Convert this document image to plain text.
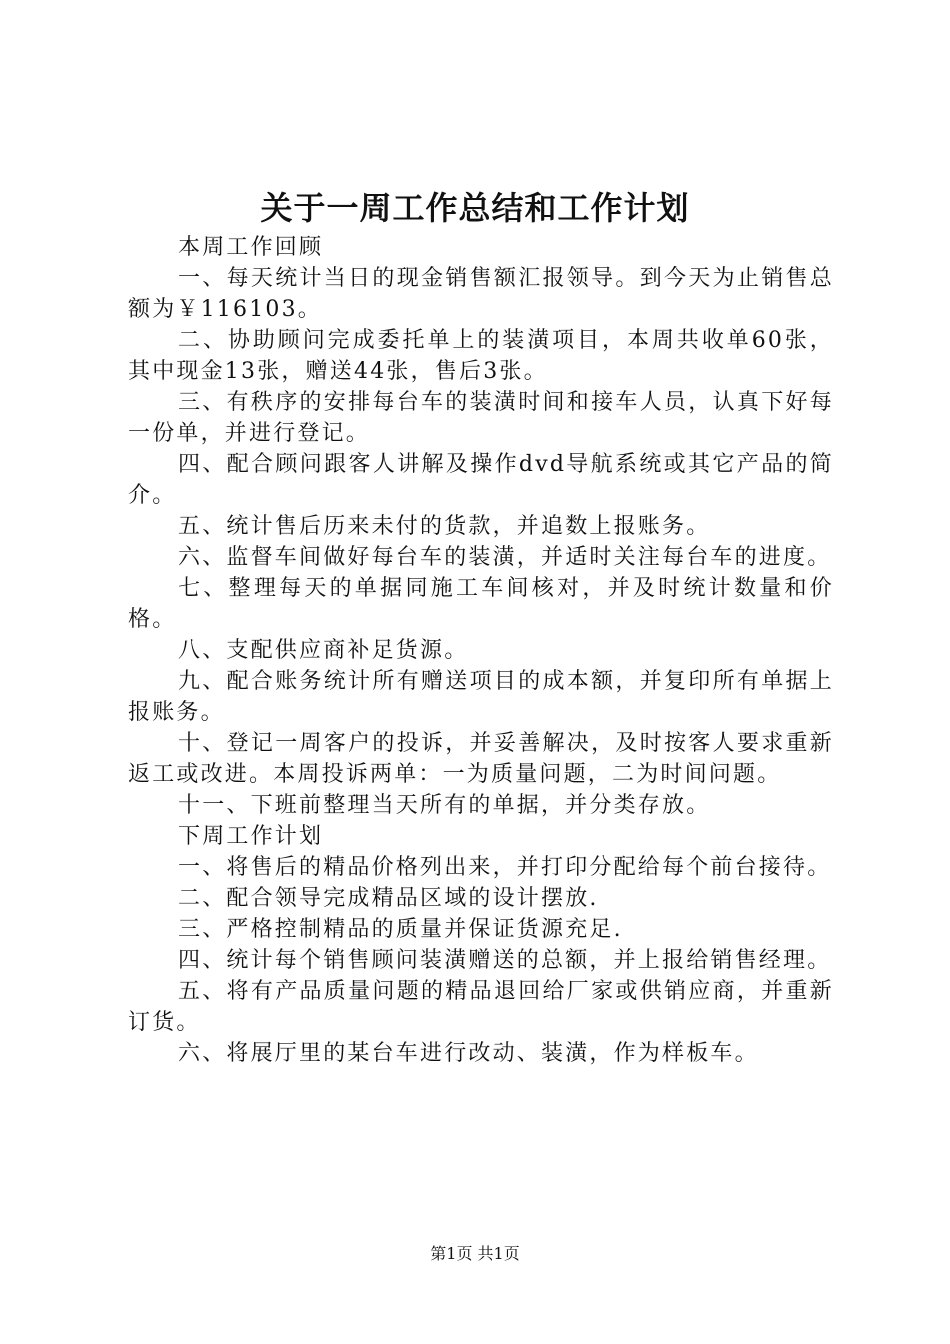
关于一周工作总结和工作计划

本周工作回顾

一、每天统计当日的现金销售额汇报领导。到今天为止销售总额为￥116103。

二、协助顾问完成委托单上的装潢项目，本周共收单60张，其中现金13张，赠送44张，售后3张。

三、有秩序的安排每台车的装潢时间和接车人员，认真下好每一份单，并进行登记。

四、配合顾问跟客人讲解及操作dvd导航系统或其它产品的简介。

五、统计售后历来未付的货款，并追数上报账务。

六、监督车间做好每台车的装潢，并适时关注每台车的进度。

七、整理每天的单据同施工车间核对，并及时统计数量和价格。

八、支配供应商补足货源。

九、配合账务统计所有赠送项目的成本额，并复印所有单据上报账务。

十、登记一周客户的投诉，并妥善解决，及时按客人要求重新返工或改进。本周投诉两单：一为质量问题，二为时间问题。

十一、下班前整理当天所有的单据，并分类存放。

下周工作计划

一、将售后的精品价格列出来，并打印分配给每个前台接待。

二、配合领导完成精品区域的设计摆放.

三、严格控制精品的质量并保证货源充足.

四、统计每个销售顾问装潢赠送的总额，并上报给销售经理。

五、将有产品质量问题的精品退回给厂家或供销应商，并重新订货。

六、将展厅里的某台车进行改动、装潢，作为样板车。

第1页 共1页
